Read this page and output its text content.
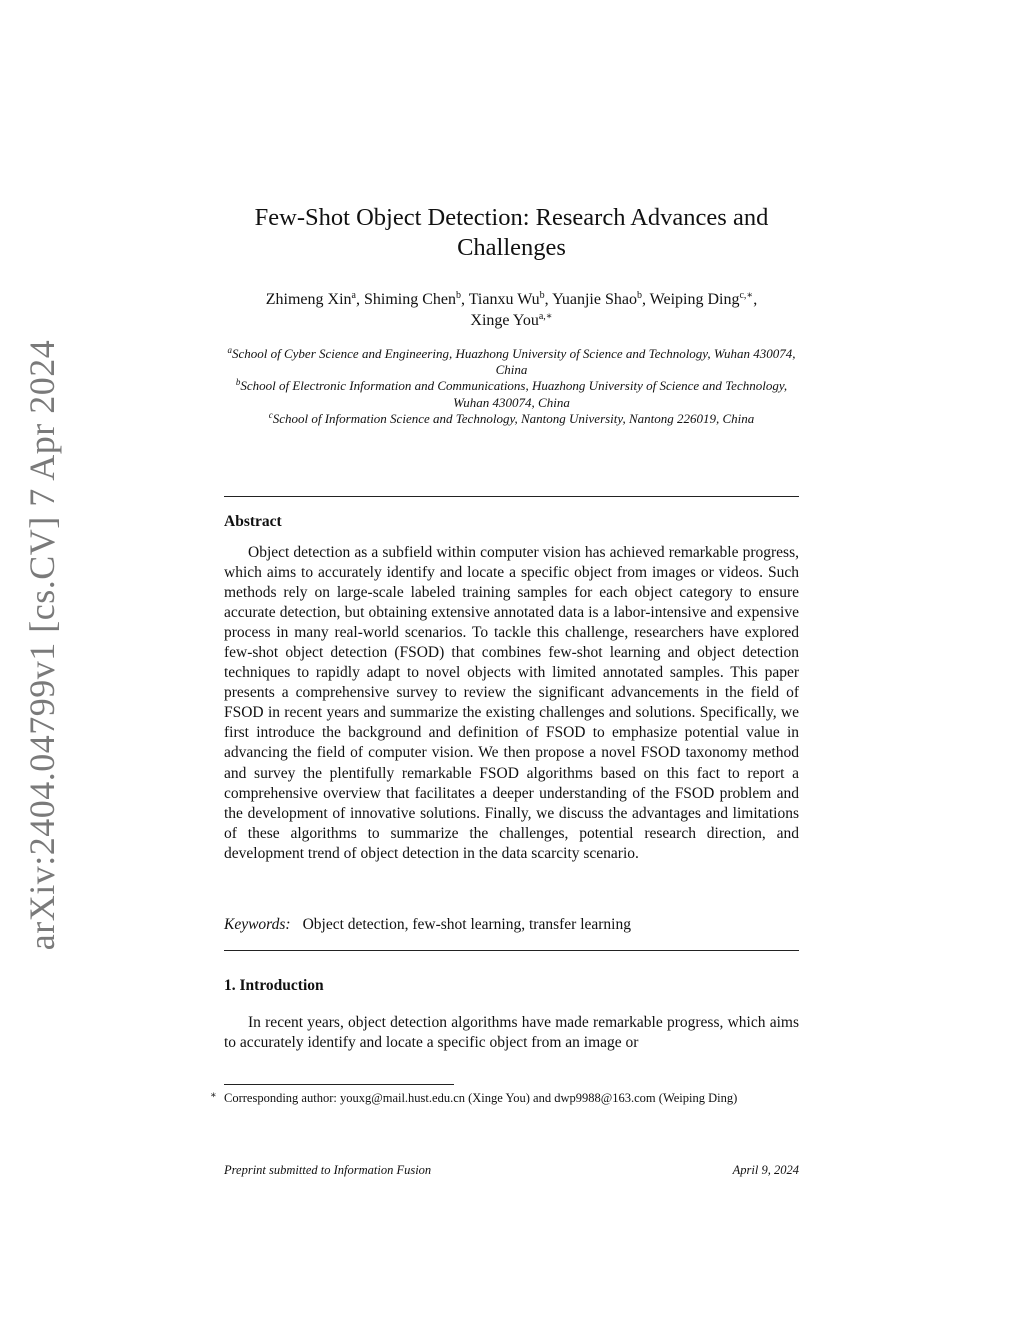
arXiv:2404.04799v1 [cs.CV] 7 Apr 2024
Few-Shot Object Detection: Research Advances and Challenges
Zhimeng Xin$^a$, Shiming Chen$^b$, Tianxu Wu$^b$, Yuanjie Shao$^b$, Weiping Ding$^{c,∗}$,
Xinge You$^{a,∗}$

$^a$School of Cyber Science and Engineering, Huazhong University of Science and Technology, Wuhan 430074, China

$^b$School of Electronic Information and Communications, Huazhong University of Science and Technology, Wuhan 430074, China

$^c$School of Information Science and Technology, Nantong University, Nantong 226019, China

Abstract

Object detection as a subfield within computer vision has achieved remarkable progress, which aims to accurately identify and locate a specific object from images or videos. Such methods rely on large-scale labeled training samples for each object category to ensure accurate detection, but obtaining extensive annotated data is a labor-intensive and expensive process in many real-world scenarios. To tackle this challenge, researchers have explored few-shot object detection (FSOD) that combines few-shot learning and object detection techniques to rapidly adapt to novel objects with limited annotated samples. This paper presents a comprehensive survey to review the significant advancements in the field of FSOD in recent years and summarize the existing challenges and solutions. Specifically, we first introduce the background and definition of FSOD to emphasize potential value in advancing the field of computer vision. We then propose a novel FSOD taxonomy method and survey the plentifully remarkable FSOD algorithms based on this fact to report a comprehensive overview that facilitates a deeper understanding of the FSOD problem and the development of innovative solutions. Finally, we discuss the advantages and limitations of these algorithms to summarize the challenges, potential research direction, and development trend of object detection in the data scarcity scenario.

Keywords: Object detection, few-shot learning, transfer learning
1. Introduction

In recent years, object detection algorithms have made remarkable progress, which aims to accurately identify and locate a specific object from an image or

∗ Corresponding author: youxg@mail.hust.edu.cn (Xinge You) and dwp9988@163.com (Weiping Ding)
Preprint submitted to Information Fusion	April 9, 2024
